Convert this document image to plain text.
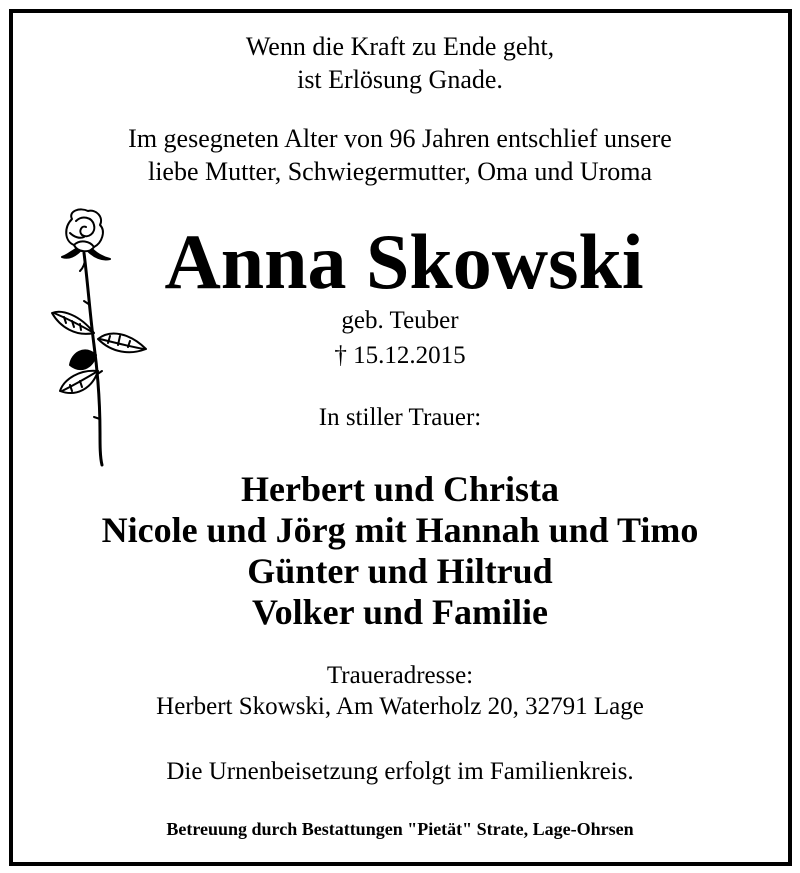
Wenn die Kraft zu Ende geht,
ist Erlösung Gnade.
Im gesegneten Alter von 96 Jahren entschlief unsere
liebe Mutter, Schwiegermutter, Oma und Uroma
Anna Skowski
geb. Teuber
† 15.12.2015
In stiller Trauer:
Herbert und Christa
Nicole und Jörg mit Hannah und Timo
Günter und Hiltrud
Volker und Familie
Traueradresse:
Herbert Skowski, Am Waterholz 20, 32791 Lage
Die Urnenbeisetzung erfolgt im Familienkreis.
Betreuung durch Bestattungen "Pietät" Strate, Lage-Ohrsen
